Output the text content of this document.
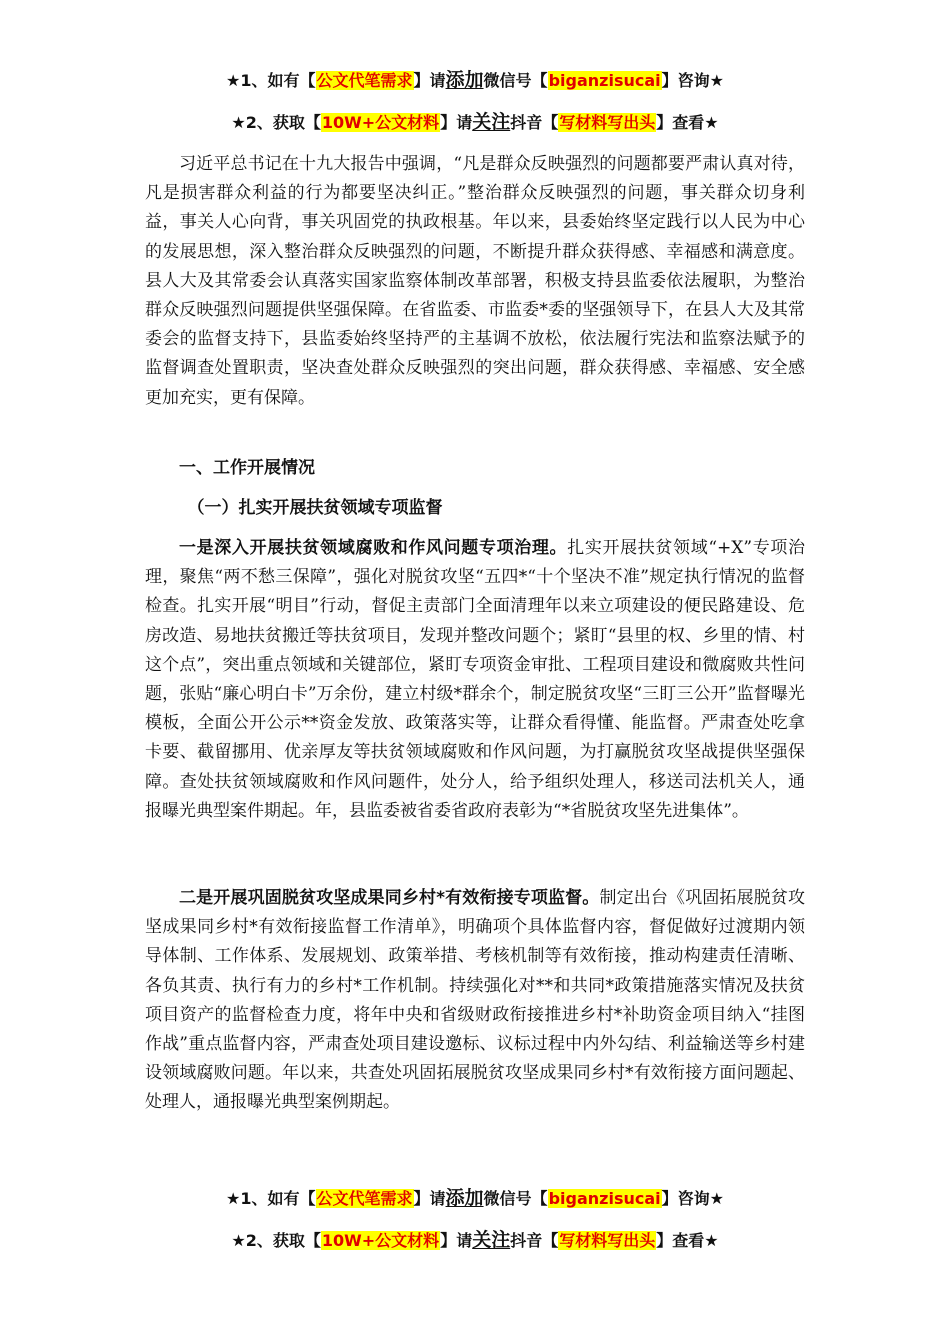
★1、如有【公文代笔需求】请添加微信号【biganzisucai】咨询★
★2、获取【10W+公文材料】请关注抖音【写材料写出头】查看★

习近平总书记在十九大报告中强调，“凡是群众反映强烈的问题都要严肃认真对待，凡是损害群众利益的行为都要坚决纠正。”整治群众反映强烈的问题，事关群众切身利益，事关人心向背，事关巩固党的执政根基。年以来，县委始终坚定践行以人民为中心的发展思想，深入整治群众反映强烈的问题，不断提升群众获得感、幸福感和满意度。县人大及其常委会认真落实国家监察体制改革部署，积极支持县监委依法履职，为整治群众反映强烈问题提供坚强保障。在省监委、市监委*委的坚强领导下，在县人大及其常委会的监督支持下，县监委始终坚持严的主基调不放松，依法履行宪法和监察法赋予的监督调查处置职责，坚决查处群众反映强烈的突出问题，群众获得感、幸福感、安全感更加充实，更有保障。

一、工作开展情况
（一）扎实开展扶贫领域专项监督

一是深入开展扶贫领域腐败和作风问题专项治理。扎实开展扶贫领域“+X”专项治理，聚焦“两不愁三保障”，强化对脱贫攻坚“五四*“十个坚决不准”规定执行情况的监督检查。扎实开展“明目”行动，督促主责部门全面清理年以来立项建设的便民路建设、危房改造、易地扶贫搬迁等扶贫项目，发现并整改问题个；紧盯“县里的权、乡里的情、村这个点”，突出重点领域和关键部位，紧盯专项资金审批、工程项目建设和微腐败共性问题，张贴“廉心明白卡”万余份，建立村级*群余个，制定脱贫攻坚“三盯三公开”监督曝光模板，全面公开公示**资金发放、政策落实等，让群众看得懂、能监督。严肃查处吃拿卡要、截留挪用、优亲厚友等扶贫领域腐败和作风问题，为打赢脱贫攻坚战提供坚强保障。查处扶贫领域腐败和作风问题件，处分人，给予组织处理人，移送司法机关人，通报曝光典型案件期起。年，县监委被省委省政府表彰为“*省脱贫攻坚先进集体”。

二是开展巩固脱贫攻坚成果同乡村*有效衔接专项监督。制定出台《巩固拓展脱贫攻坚成果同乡村*有效衔接监督工作清单》，明确项个具体监督内容，督促做好过渡期内领导体制、工作体系、发展规划、政策举措、考核机制等有效衔接，推动构建责任清晰、各负其责、执行有力的乡村*工作机制。持续强化对**和共同*政策措施落实情况及扶贫项目资产的监督检查力度，将年中央和省级财政衔接推进乡村*补助资金项目纳入“挂图作战”重点监督内容，严肃查处项目建设邀标、议标过程中内外勾结、利益输送等乡村建设领域腐败问题。年以来，共查处巩固拓展脱贫攻坚成果同乡村*有效衔接方面问题起、处理人，通报曝光典型案例期起。

★1、如有【公文代笔需求】请添加微信号【biganzisucai】咨询★
★2、获取【10W+公文材料】请关注抖音【写材料写出头】查看★
